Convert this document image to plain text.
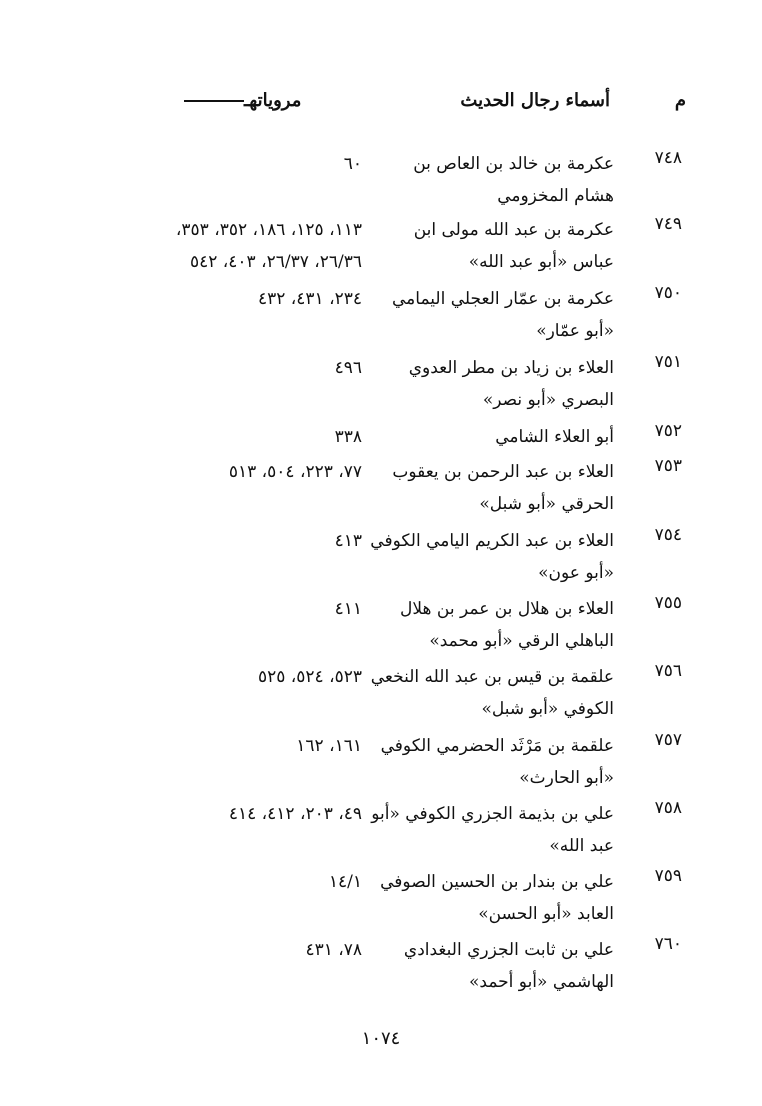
م
أسماء رجال الحديث
مروياتهـ
٧٤٨
عكرمة بن خالد بن العاص بن هشام المخزومي
٦٠
٧٤٩
عكرمة بن عبد الله مولى ابن عباس «أبو عبد الله»
١١٣، ١٢٥، ١٨٦، ٣٥٢، ٣٥٣،
٢٦/٣٦، ٢٦/٣٧، ٤٠٣، ٥٤٢
٧٥٠
عكرمة بن عمّار العجلي اليمامي «أبو عمّار»
٢٣٤، ٤٣١، ٤٣٢
٧٥١
العلاء بن زياد بن مطر العدوي البصري «أبو نصر»
٤٩٦
٧٥٢
أبو العلاء الشامي
٣٣٨
٧٥٣
العلاء بن عبد الرحمن بن يعقوب الحرقي «أبو شبل»
٧٧، ٢٢٣، ٥٠٤، ٥١٣
٧٥٤
العلاء بن عبد الكريم اليامي الكوفي «أبو عون»
٤١٣
٧٥٥
العلاء بن هلال بن عمر بن هلال الباهلي الرقي «أبو محمد»
٤١١
٧٥٦
علقمة بن قيس بن عبد الله النخعي الكوفي «أبو شبل»
٥٢٣، ٥٢٤، ٥٢٥
٧٥٧
علقمة بن مَرْثَد الحضرمي الكوفي «أبو الحارث»
١٦١، ١٦٢
٧٥٨
علي بن بذيمة الجزري الكوفي «أبو عبد الله»
٤٩، ٢٠٣، ٤١٢، ٤١٤
٧٥٩
علي بن بندار بن الحسين الصوفي العابد «أبو الحسن»
١٤/١
٧٦٠
علي بن ثابت الجزري البغدادي الهاشمي «أبو أحمد»
٧٨، ٤٣١
١٠٧٤
